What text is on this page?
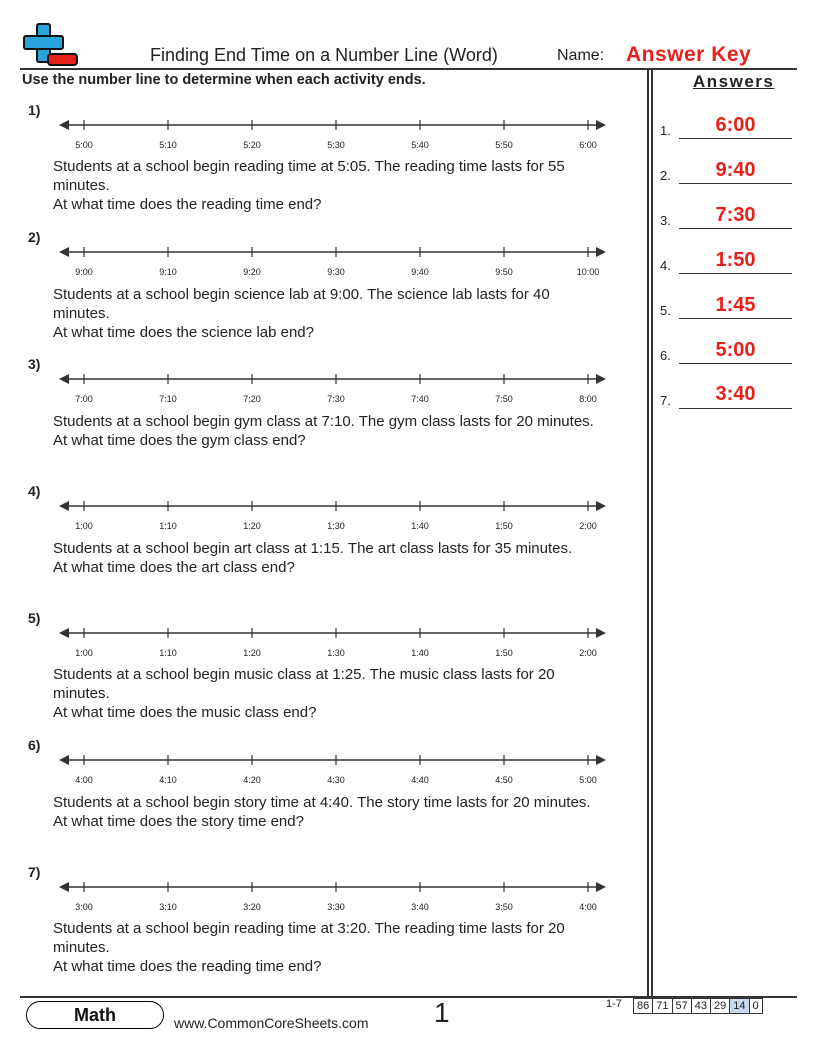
Finding End Time on a Number Line (Word)	Name: Answer Key
Use the number line to determine when each activity ends.	Answers
1.	6:00
2.	9:40
3.	7:30
4.	1:50
5.	1:45
6.	5:00
7.	3:40
1)
5:00	5:10	5:20	5:30	5:40	5:50	6:00
Students at a school begin reading time at 5:05. The reading time lasts for 55
minutes.
At what time does the reading time end?
2)
9:00	9:10	9:20	9:30	9:40	9:50	10:00
Students at a school begin science lab at 9:00. The science lab lasts for 40
minutes.
At what time does the science lab end?
3)
7:00	7:10	7:20	7:30	7:40	7:50	8:00
Students at a school begin gym class at 7:10. The gym class lasts for 20 minutes.
At what time does the gym class end?
4)
1:00	1:10	1:20	1:30	1:40	1:50	2:00
Students at a school begin art class at 1:15. The art class lasts for 35 minutes.
At what time does the art class end?
5)
1:00	1:10	1:20	1:30	1:40	1:50	2:00
Students at a school begin music class at 1:25. The music class lasts for 20
minutes.
At what time does the music class end?
6)
4:00	4:10	4:20	4:30	4:40	4:50	5:00
Students at a school begin story time at 4:40. The story time lasts for 20 minutes.
At what time does the story time end?
7)
3:00	3:10	3:20	3:30	3:40	3:50	4:00
Students at a school begin reading time at 3:20. The reading time lasts for 20
minutes.
At what time does the reading time end?
Math	www.CommonCoreSheets.com 1	1-7 86	71	57	43	29	14	0
